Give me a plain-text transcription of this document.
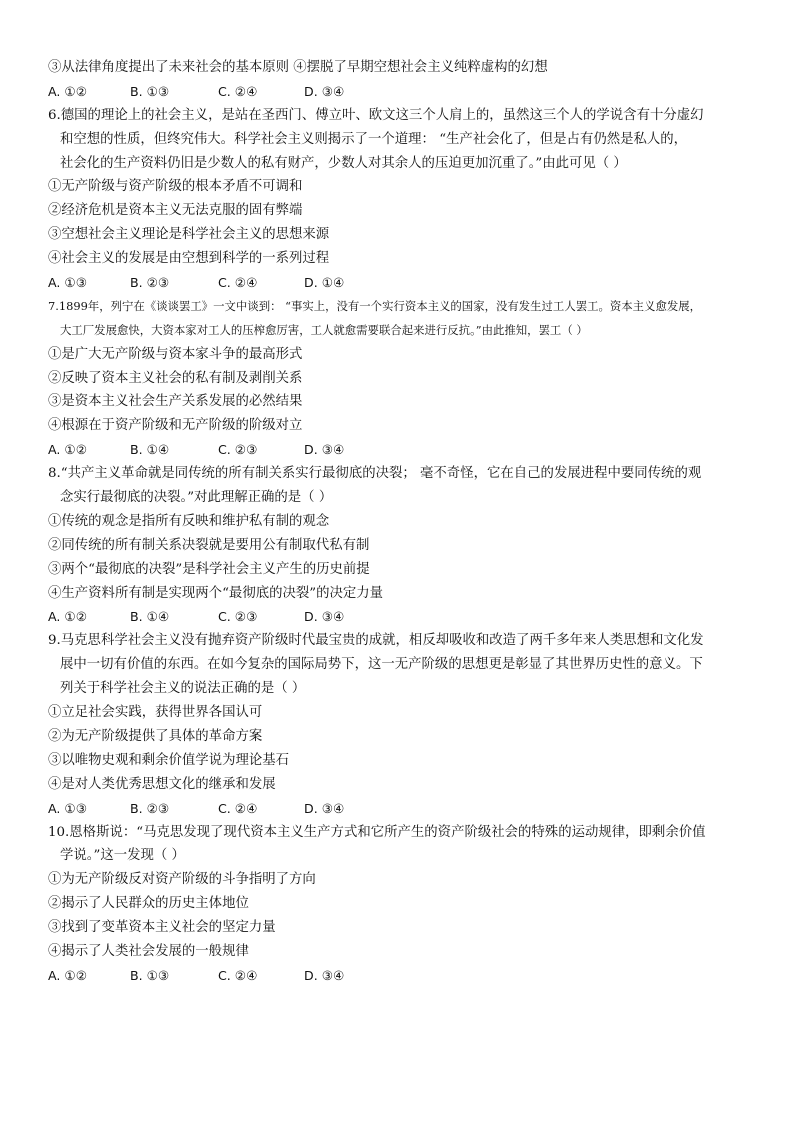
③从法律角度提出了未来社会的基本原则 ④摆脱了早期空想社会主义纯粹虚构的幻想
A. ①②	B. ①③	C. ②④	D. ③④
6.德国的理论上的社会主义，是站在圣西门、傅立叶、欧文这三个人肩上的，虽然这三个人的学说含有十分虚幻
和空想的性质，但终究伟大。科学社会主义则揭示了一个道理： “生产社会化了，但是占有仍然是私人的，
社会化的生产资料仍旧是少数人的私有财产，少数人对其余人的压迫更加沉重了。”由此可见（ ）
①无产阶级与资产阶级的根本矛盾不可调和
②经济危机是资本主义无法克服的固有弊端
③空想社会主义理论是科学社会主义的思想来源
④社会主义的发展是由空想到科学的一系列过程
A. ①③	B. ②③	C. ②④	D. ①④
7.1899年，列宁在《谈谈罢工》一文中谈到： “事实上，没有一个实行资本主义的国家，没有发生过工人罢工。资本主义愈发展，
大工厂发展愈快，大资本家对工人的压榨愈厉害，工人就愈需要联合起来进行反抗。”由此推知，罢工（ ）
①是广大无产阶级与资本家斗争的最高形式
②反映了资本主义社会的私有制及剥削关系
③是资本主义社会生产关系发展的必然结果
④根源在于资产阶级和无产阶级的阶级对立
A. ①②	B. ①④	C. ②③	D. ③④
8.“共产主义革命就是同传统的所有制关系实行最彻底的决裂； 毫不奇怪，它在自己的发展进程中要同传统的观
念实行最彻底的决裂。”对此理解正确的是（ ）
①传统的观念是指所有反映和维护私有制的观念
②同传统的所有制关系决裂就是要用公有制取代私有制
③两个“最彻底的决裂”是科学社会主义产生的历史前提
④生产资料所有制是实现两个“最彻底的决裂”的决定力量
A. ①②	B. ①④	C. ②③	D. ③④
9.马克思科学社会主义没有抛弃资产阶级时代最宝贵的成就，相反却吸收和改造了两千多年来人类思想和文化发
展中一切有价值的东西。在如今复杂的国际局势下，这一无产阶级的思想更是彰显了其世界历史性的意义。下
列关于科学社会主义的说法正确的是（ ）
①立足社会实践，获得世界各国认可
②为无产阶级提供了具体的革命方案
③以唯物史观和剩余价值学说为理论基石
④是对人类优秀思想文化的继承和发展
A. ①③	B. ②③	C. ②④	D. ③④
10.恩格斯说：“马克思发现了现代资本主义生产方式和它所产生的资产阶级社会的特殊的运动规律，即剩余价值
学说。”这一发现（ ）
①为无产阶级反对资产阶级的斗争指明了方向
②揭示了人民群众的历史主体地位
③找到了变革资本主义社会的坚定力量
④揭示了人类社会发展的一般规律
A. ①②	B. ①③	C. ②④	D. ③④
